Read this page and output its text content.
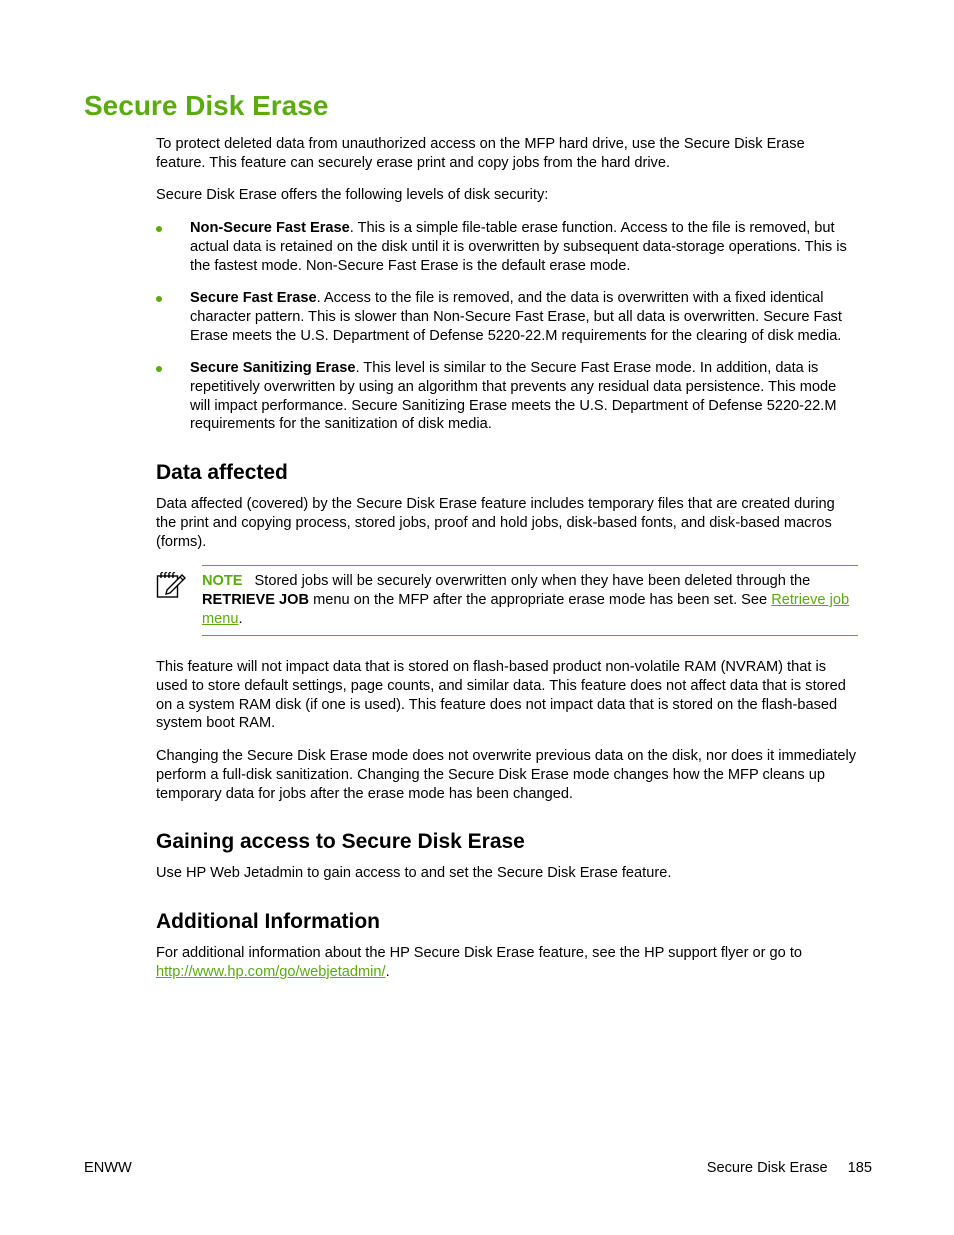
Secure Disk Erase

To protect deleted data from unauthorized access on the MFP hard drive, use the Secure Disk Erase feature. This feature can securely erase print and copy jobs from the hard drive.

Secure Disk Erase offers the following levels of disk security:

Non-Secure Fast Erase. This is a simple file-table erase function. Access to the file is removed, but actual data is retained on the disk until it is overwritten by subsequent data-storage operations. This is the fastest mode. Non-Secure Fast Erase is the default erase mode.
Secure Fast Erase. Access to the file is removed, and the data is overwritten with a fixed identical character pattern. This is slower than Non-Secure Fast Erase, but all data is overwritten. Secure Fast Erase meets the U.S. Department of Defense 5220-22.M requirements for the clearing of disk media.
Secure Sanitizing Erase. This level is similar to the Secure Fast Erase mode. In addition, data is repetitively overwritten by using an algorithm that prevents any residual data persistence. This mode will impact performance. Secure Sanitizing Erase meets the U.S. Department of Defense 5220-22.M requirements for the sanitization of disk media.
Data affected

Data affected (covered) by the Secure Disk Erase feature includes temporary files that are created during the print and copying process, stored jobs, proof and hold jobs, disk-based fonts, and disk-based macros (forms).

NOTE Stored jobs will be securely overwritten only when they have been deleted through the RETRIEVE JOB menu on the MFP after the appropriate erase mode has been set. See Retrieve job menu.

This feature will not impact data that is stored on flash-based product non-volatile RAM (NVRAM) that is used to store default settings, page counts, and similar data. This feature does not affect data that is stored on a system RAM disk (if one is used). This feature does not impact data that is stored on the flash-based system boot RAM.

Changing the Secure Disk Erase mode does not overwrite previous data on the disk, nor does it immediately perform a full-disk sanitization. Changing the Secure Disk Erase mode changes how the MFP cleans up temporary data for jobs after the erase mode has been changed.

Gaining access to Secure Disk Erase

Use HP Web Jetadmin to gain access to and set the Secure Disk Erase feature.

Additional Information

For additional information about the HP Secure Disk Erase feature, see the HP support flyer or go to http://www.hp.com/go/webjetadmin/.

ENWW	Secure Disk Erase 185
